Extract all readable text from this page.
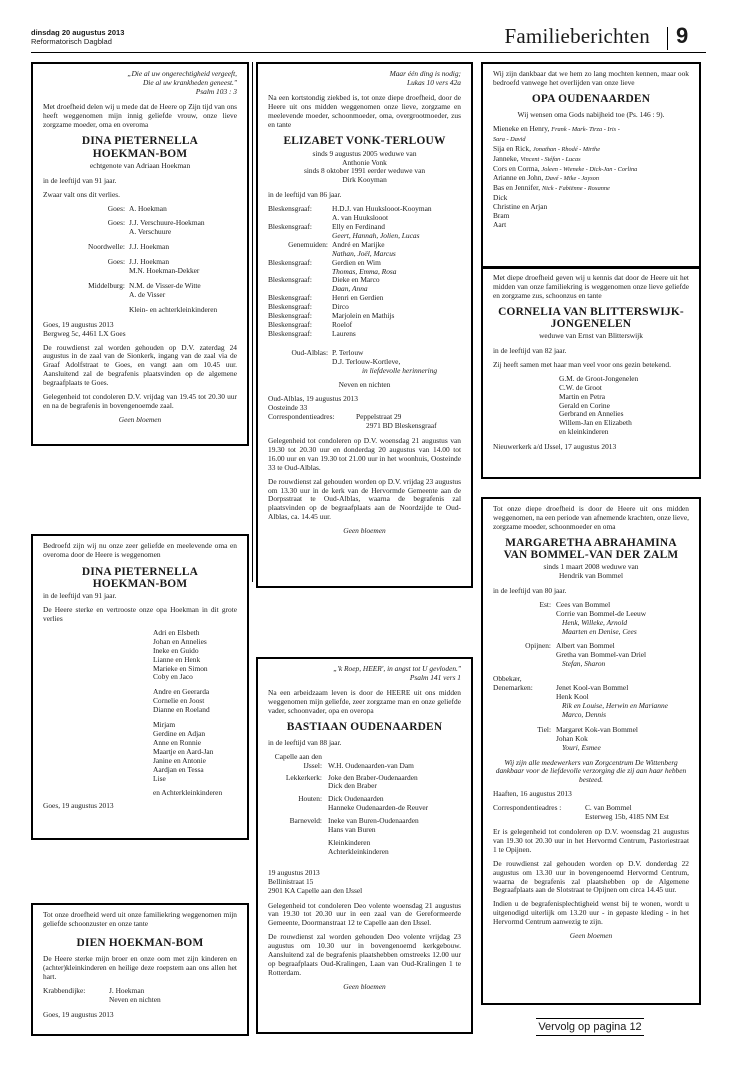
dinsdag 20 augustus 2013
Reformatorisch Dagblad	Familieberichten 9
„Die al uw ongerechtigheid vergeeft,
Die al uw krankheden geneest."
Psalm 103 : 3

Met droefheid delen wij u mede dat de Heere op Zijn tijd van ons heeft weggenomen mijn innig geliefde vrouw, onze lieve zorgzame moeder, oma en overoma

DINA PIETERNELLA
HOEKMAN-BOM
echtgenote van Adriaan Hoekman

in de leeftijd van 91 jaar.

Zwaar valt ons dit verlies.

Goes: A. Hoekman
Goes: J.J. Verschuure-Hoekman
A. Verschuure
Noordwelle: J.J. Hoekman
Goes: J.J. Hoekman
M.N. Hoekman-Dekker
Middelburg: N.M. de Visser-de Witte
A. de Visser
Klein- en achterkleinkinderen

Goes, 19 augustus 2013
Bergweg 5c, 4461 LX Goes

De rouwdienst zal worden gehouden op D.V. zaterdag 24 augustus in de zaal van de Sionkerk, ingang van de zaal via de Graaf Adolfstraat te Goes, en vangt aan om 10.45 uur. Aansluitend zal de begrafenis plaatsvinden op de algemene begraafplaats te Goes.

Gelegenheid tot condoleren D.V. vrijdag van 19.45 tot 20.30 uur en na de begrafenis in bovengenoemde zaal.

Geen bloemen

Bedroefd zijn wij nu onze zeer geliefde en meelevende oma en overoma door de Heere is weggenomen

DINA PIETERNELLA
HOEKMAN-BOM

in de leeftijd van 91 jaar.

De Heere sterke en vertrooste onze opa Hoekman in dit grote verlies

Adri en Elsbeth
Johan en Annelies
Ineke en Guido
Lianne en Henk
Marieke en Simon
Coby en Jaco
Andre en Geerarda
Cornelie en Joost
Dianne en Roeland
Mirjam
Gerdine en Adjan
Anne en Ronnie
Maartje en Aard-Jan
Janine en Antonie
Aardjan en Tessa
Lise
en Achterkleinkinderen
Goes, 19 augustus 2013

Tot onze droefheid werd uit onze familiekring weggenomen mijn geliefde schoonzuster en onze tante

DIEN HOEKMAN-BOM

De Heere sterke mijn broer en onze oom met zijn kinderen en (achter)kleinkinderen en heilige deze roepstem aan ons allen het hart.

Krabbendijke:	J. Hoekman
Neven en nichten
Goes, 19 augustus 2013
Maar één ding is nodig;
Lukas 10 vers 42a

Na een kortstondig ziekbed is, tot onze diepe droefheid, door de Heere uit ons midden weggenomen onze lieve, zorgzame en meelevende moeder, schoonmoeder, oma, overgrootmoeder, zus en tante

ELIZABET VONK-TERLOUW
sinds 9 augustus 2005 weduwe van
Anthonie Vonk
sinds 8 oktober 1991 eerder weduwe van
Dirk Kooyman

in de leeftijd van 86 jaar.

Bleskensgraaf:	H.D.J. van Huukslooot-Kooyman
A. van Huukslooot
Bleskensgraaf:	Elly en Ferdinand
Geert, Hannah, Jolien, Lucas
Genemuiden: André en Marijke
Nathan, Joël, Marcus
Bleskensgraaf:	Gerdien en Wim
Thomas, Emma, Rosa
Bleskensgraaf:	Dieke en Marco
Daan, Anna
Bleskensgraaf:	Henri en Gerdien
Bleskensgraaf:	Dirco
Bleskensgraaf:	Marjolein en Mathijs
Bleskensgraaf:	Roelof
Bleskensgraaf:	Laurens
Oud-Alblas: P. Terlouw
D.J. Terlouw-Kortleve,
in liefdevolle herinnering

Neven en nichten

Oud-Alblas, 19 augustus 2013
Oosteinde 33
Correspondentieadres:	Peppelstraat 29
2971 BD Bleskensgraaf

Gelegenheid tot condoleren op D.V. woensdag 21 augustus van 19.30 tot 20.30 uur en donderdag 20 augustus van 14.00 tot 16.00 uur en van 19.30 tot 21.00 uur in het woonhuis, Oosteinde 33 te Oud-Alblas.

De rouwdienst zal gehouden worden op D.V. vrijdag 23 augustus om 13.30 uur in de kerk van de Hervormde Gemeente aan de Dorpsstraat te Oud-Alblas, waarna de begrafenis zal plaatsvinden op de begraafplaats aan de Noordzijde te Oud-Alblas, ca. 14.45 uur.

Geen bloemen
„'k Roep, HEER', in angst tot U gevloden."
Psalm 141 vers 1

Na een arbeidzaam leven is door de HEERE uit ons midden weggenomen mijn geliefde, zeer zorgzame man en onze geliefde vader, schoonvader, opa en overopa

BASTIAAN OUDENAARDEN

in de leeftijd van 88 jaar.

Capelle aan den IJssel: W.H. Oudenaarden-van Dam
Lekkerkerk: Joke den Braber-Oudenaarden
Dick den Braber
Houten: Dick Oudenaarden
Hanneke Oudenaarden-de Reuver
Barneveld: Ineke van Buren-Oudenaarden
Hans van Buren
Kleinkinderen
Achterkleinkinderen
19 augustus 2013
Bellinistraat 15
2901 KA Capelle aan den IJssel

Gelegenheid tot condoleren Deo volente woensdag 21 augustus van 19.30 tot 20.30 uur in een zaal van de Gereformeerde Gemeente, Doormanstraat 12 te Capelle aan den IJssel.

De rouwdienst zal worden gehouden Deo volente vrijdag 23 augustus om 10.30 uur in bovengenoemd kerkgebouw. Aansluitend zal de begrafenis plaatshebben omstreeks 12.00 uur op begraafplaats Oud-Kralingen, Laan van Oud-Kralingen 1 te Rotterdam.

Geen bloemen

Wij zijn dankbaar dat we hem zo lang mochten kennen, maar ook bedroefd vanwege het overlijden van onze lieve

OPA OUDENAARDEN

Wij wensen oma Gods nabijheid toe (Ps. 146 : 9).

Mieneke en Henry, Frank - Mark- Tirza - Iris -
Sara - David
Sija en Rick, Jonathan - Rhodé - Mirthe
Janneke, Vincent - Stéfan - Lucas
Cors en Corma, Joleen - Wieneke - Dick-Jan - Corlina
Arianne en John, Davé - Mike - Jayson
Bas en Jennifer, Nick - Fabiënne - Roxanne
Dick
Christine en Arjan
Bram
Aart

Met diepe droefheid geven wij u kennis dat door de Heere uit het midden van onze familiekring is weggenomen onze lieve geliefde en zorgzame zus, schoonzus en tante

CORNELIA VAN BLITTERSWIJK-
JONGENELEN
weduwe van Ernst van Blitterswijk

in de leeftijd van 82 jaar.

Zij heeft samen met haar man veel voor ons gezin betekend.

G.M. de Groot-Jongenelen
C.W. de Groot
Martin en Petra
Gerald en Corine
Gerbrand en Annelies
Willem-Jan en Elizabeth
en kleinkinderen
Nieuwerkerk a/d IJssel, 17 augustus 2013

Tot onze diepe droefheid is door de Heere uit ons midden weggenomen, na een periode van afnemende krachten, onze lieve, zorgzame moeder, schoonmoeder en oma

MARGARETHA ABRAHAMINA
VAN BOMMEL-VAN DER ZALM
sinds 1 maart 2008 weduwe van
Hendrik van Bommel

in de leeftijd van 80 jaar.

Est: Cees van Bommel
Corrie van Bommel-de Leeuw
Henk, Willeke, Arnold
Maarten en Denise, Cees
Opijnen: Albert van Bommel
Gretha van Bommel-van Driel
Stefan, Sharon
Obbekær, Denemarken:	Jenet Kool-van Bommel
Henk Kool
Rik en Louise, Herwin en Marianne
Marco, Dennis
Tiel: Margaret Kok-van Bommel
Johan Kok
Youri, Esmee

Wij zijn alle medewerkers van Zorgcentrum De Wittenberg dankbaar voor de liefdevolle verzorging die zij aan haar hebben besteed.

Haaften, 16 augustus 2013

Correspondentieadres :	C. van Bommel
Esterweg 15b, 4185 NM Est

Er is gelegenheid tot condoleren op D.V. woensdag 21 augustus van 19.30 tot 20.30 uur in het Hervormd Centrum, Pastoriestraat 1 te Opijnen.

De rouwdienst zal gehouden worden op D.V. donderdag 22 augustus om 13.30 uur in bovengenoemd Hervormd Centrum, waarna de begrafenis zal plaatshebben op de Algemene Begraafplaats aan de Slotstraat te Opijnen om circa 14.45 uur.

Indien u de begrafenisplechtigheid wenst bij te wonen, wordt u uitgenodigd uiterlijk om 13.20 uur - in gepaste kleding - in het Hervormd Centrum aanwezig te zijn.

Geen bloemen
Vervolg op pagina 12
